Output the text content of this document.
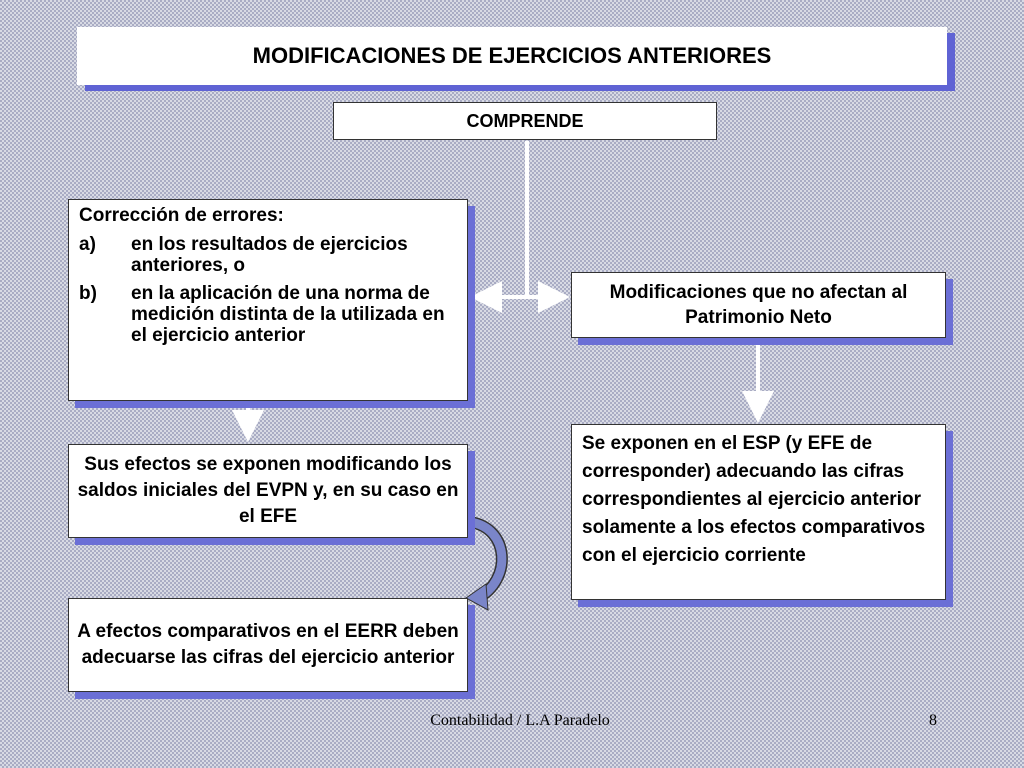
MODIFICACIONES DE EJERCICIOS ANTERIORES
COMPRENDE
Corrección de errores:
a)	en los resultados de ejercicios anteriores, o
b)	en la aplicación de una norma de medición distinta de la utilizada en el ejercicio anterior
Modificaciones que no afectan al Patrimonio Neto
Sus efectos se exponen modificando los saldos iniciales del EVPN y, en su caso en el EFE
A efectos comparativos en el EERR deben adecuarse las cifras del ejercicio anterior
Se exponen en el ESP (y EFE de corresponder) adecuando las cifras correspondientes al ejercicio anterior solamente a los efectos comparativos con el ejercicio corriente
Contabilidad / L.A Paradelo	8
